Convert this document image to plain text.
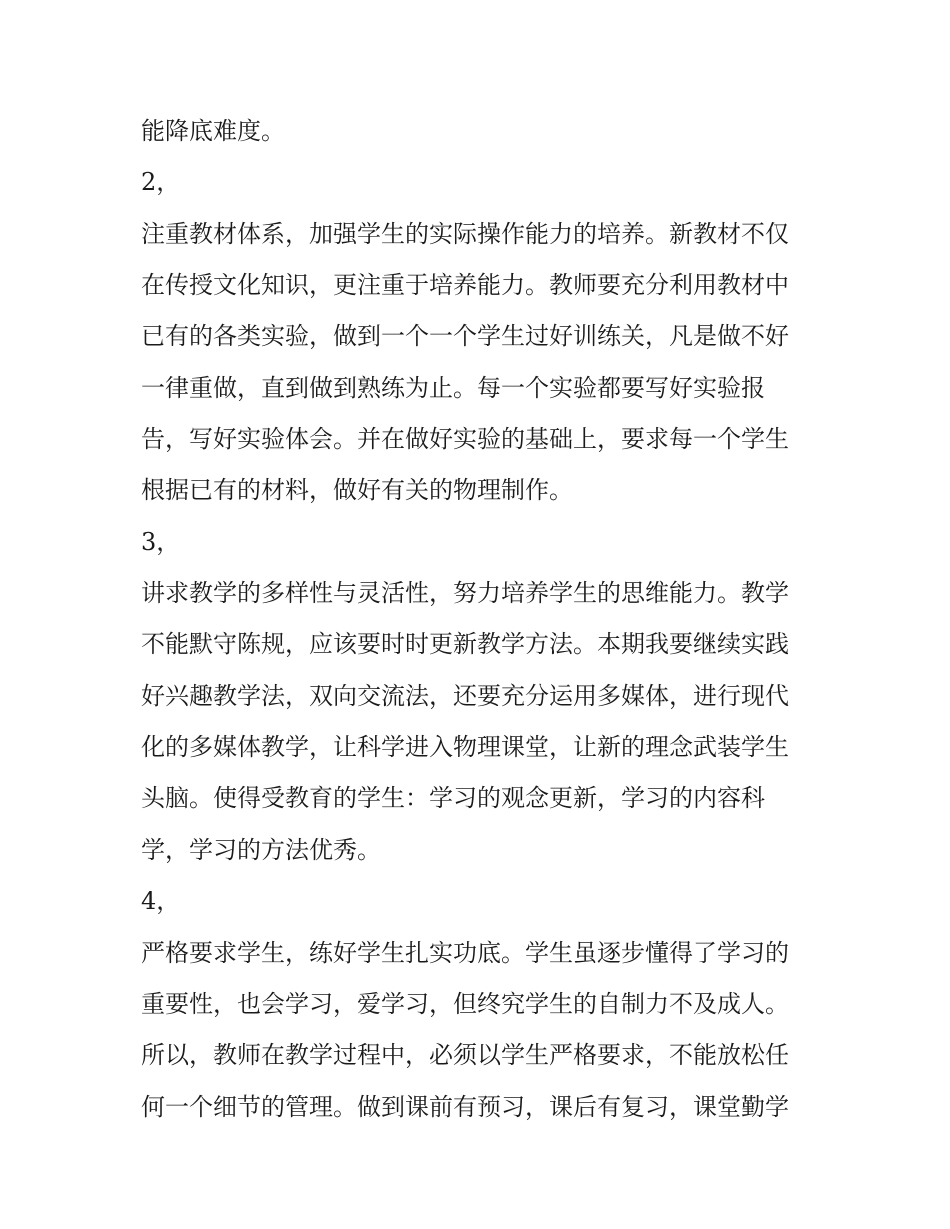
能降底难度。
2，
注重教材体系，加强学生的实际操作能力的培养。新教材不仅
在传授文化知识，更注重于培养能力。教师要充分利用教材中
已有的各类实验，做到一个一个学生过好训练关，凡是做不好
一律重做，直到做到熟练为止。每一个实验都要写好实验报
告，写好实验体会。并在做好实验的基础上，要求每一个学生
根据已有的材料，做好有关的物理制作。
3，
讲求教学的多样性与灵活性，努力培养学生的思维能力。教学
不能默守陈规，应该要时时更新教学方法。本期我要继续实践
好兴趣教学法，双向交流法，还要充分运用多媒体，进行现代
化的多媒体教学，让科学进入物理课堂，让新的理念武装学生
头脑。使得受教育的学生：学习的观念更新，学习的内容科
学，学习的方法优秀。
4，
严格要求学生，练好学生扎实功底。学生虽逐步懂得了学习的
重要性，也会学习，爱学习，但终究学生的自制力不及成人。
所以，教师在教学过程中，必须以学生严格要求，不能放松任
何一个细节的管理。做到课前有预习，课后有复习，课堂勤学
